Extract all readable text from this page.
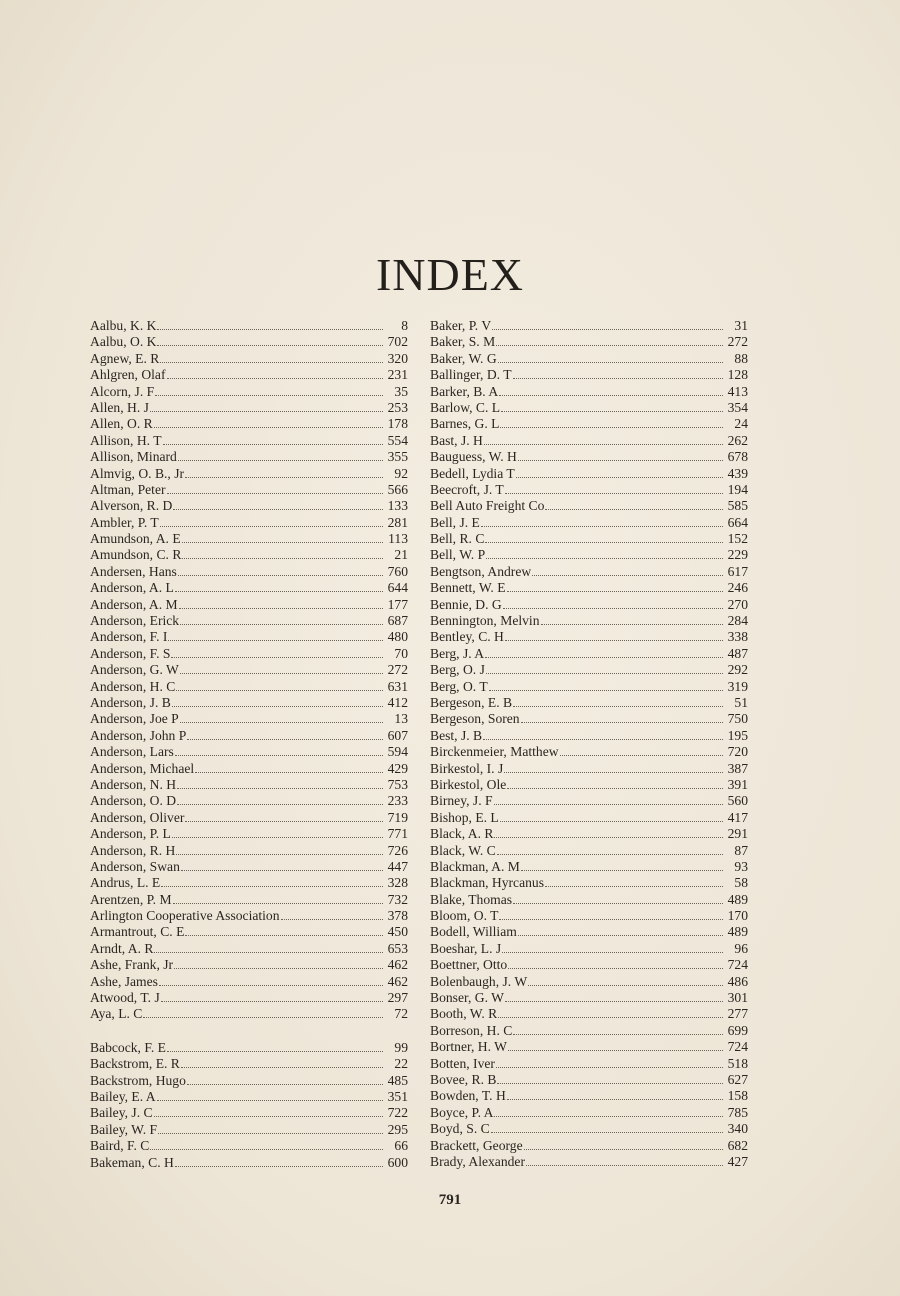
INDEX
Aalbu, K. K	8
Aalbu, O. K	702
Agnew, E. R	320
Ahlgren, Olaf	231
Alcorn, J. F	35
Allen, H. J	253
Allen, O. R	178
Allison, H. T	554
Allison, Minard	355
Almvig, O. B., Jr	92
Altman, Peter	566
Alverson, R. D	133
Ambler, P. T	281
Amundson, A. E	113
Amundson, C. R	21
Andersen, Hans	760
Anderson, A. L	644
Anderson, A. M	177
Anderson, Erick	687
Anderson, F. I	480
Anderson, F. S	70
Anderson, G. W	272
Anderson, H. C	631
Anderson, J. B	412
Anderson, Joe P	13
Anderson, John P	607
Anderson, Lars	594
Anderson, Michael	429
Anderson, N. H	753
Anderson, O. D	233
Anderson, Oliver	719
Anderson, P. L	771
Anderson, R. H	726
Anderson, Swan	447
Andrus, L. E	328
Arentzen, P. M	732
Arlington Cooperative Association	378
Armantrout, C. E	450
Arndt, A. R	653
Ashe, Frank, Jr	462
Ashe, James	462
Atwood, T. J	297
Aya, L. C	72
Babcock, F. E	99
Backstrom, E. R	22
Backstrom, Hugo	485
Bailey, E. A	351
Bailey, J. C	722
Bailey, W. F	295
Baird, F. C	66
Bakeman, C. H	600
Baker, P. V	31
Baker, S. M	272
Baker, W. G	88
Ballinger, D. T	128
Barker, B. A	413
Barlow, C. L	354
Barnes, G. L	24
Bast, J. H	262
Bauguess, W. H	678
Bedell, Lydia T	439
Beecroft, J. T	194
Bell Auto Freight Co	585
Bell, J. E	664
Bell, R. C	152
Bell, W. P	229
Bengtson, Andrew	617
Bennett, W. E	246
Bennie, D. G	270
Bennington, Melvin	284
Bentley, C. H	338
Berg, J. A	487
Berg, O. J	292
Berg, O. T	319
Bergeson, E. B	51
Bergeson, Soren	750
Best, J. B	195
Birckenmeier, Matthew	720
Birkestol, I. J	387
Birkestol, Ole	391
Birney, J. F	560
Bishop, E. L	417
Black, A. R	291
Black, W. C	87
Blackman, A. M	93
Blackman, Hyrcanus	58
Blake, Thomas	489
Bloom, O. T	170
Bodell, William	489
Boeshar, L. J	96
Boettner, Otto	724
Bolenbaugh, J. W	486
Bonser, G. W	301
Booth, W. R	277
Borreson, H. C	699
Bortner, H. W	724
Botten, Iver	518
Bovee, R. B	627
Bowden, T. H	158
Boyce, P. A	785
Boyd, S. C	340
Brackett, George	682
Brady, Alexander	427
791
